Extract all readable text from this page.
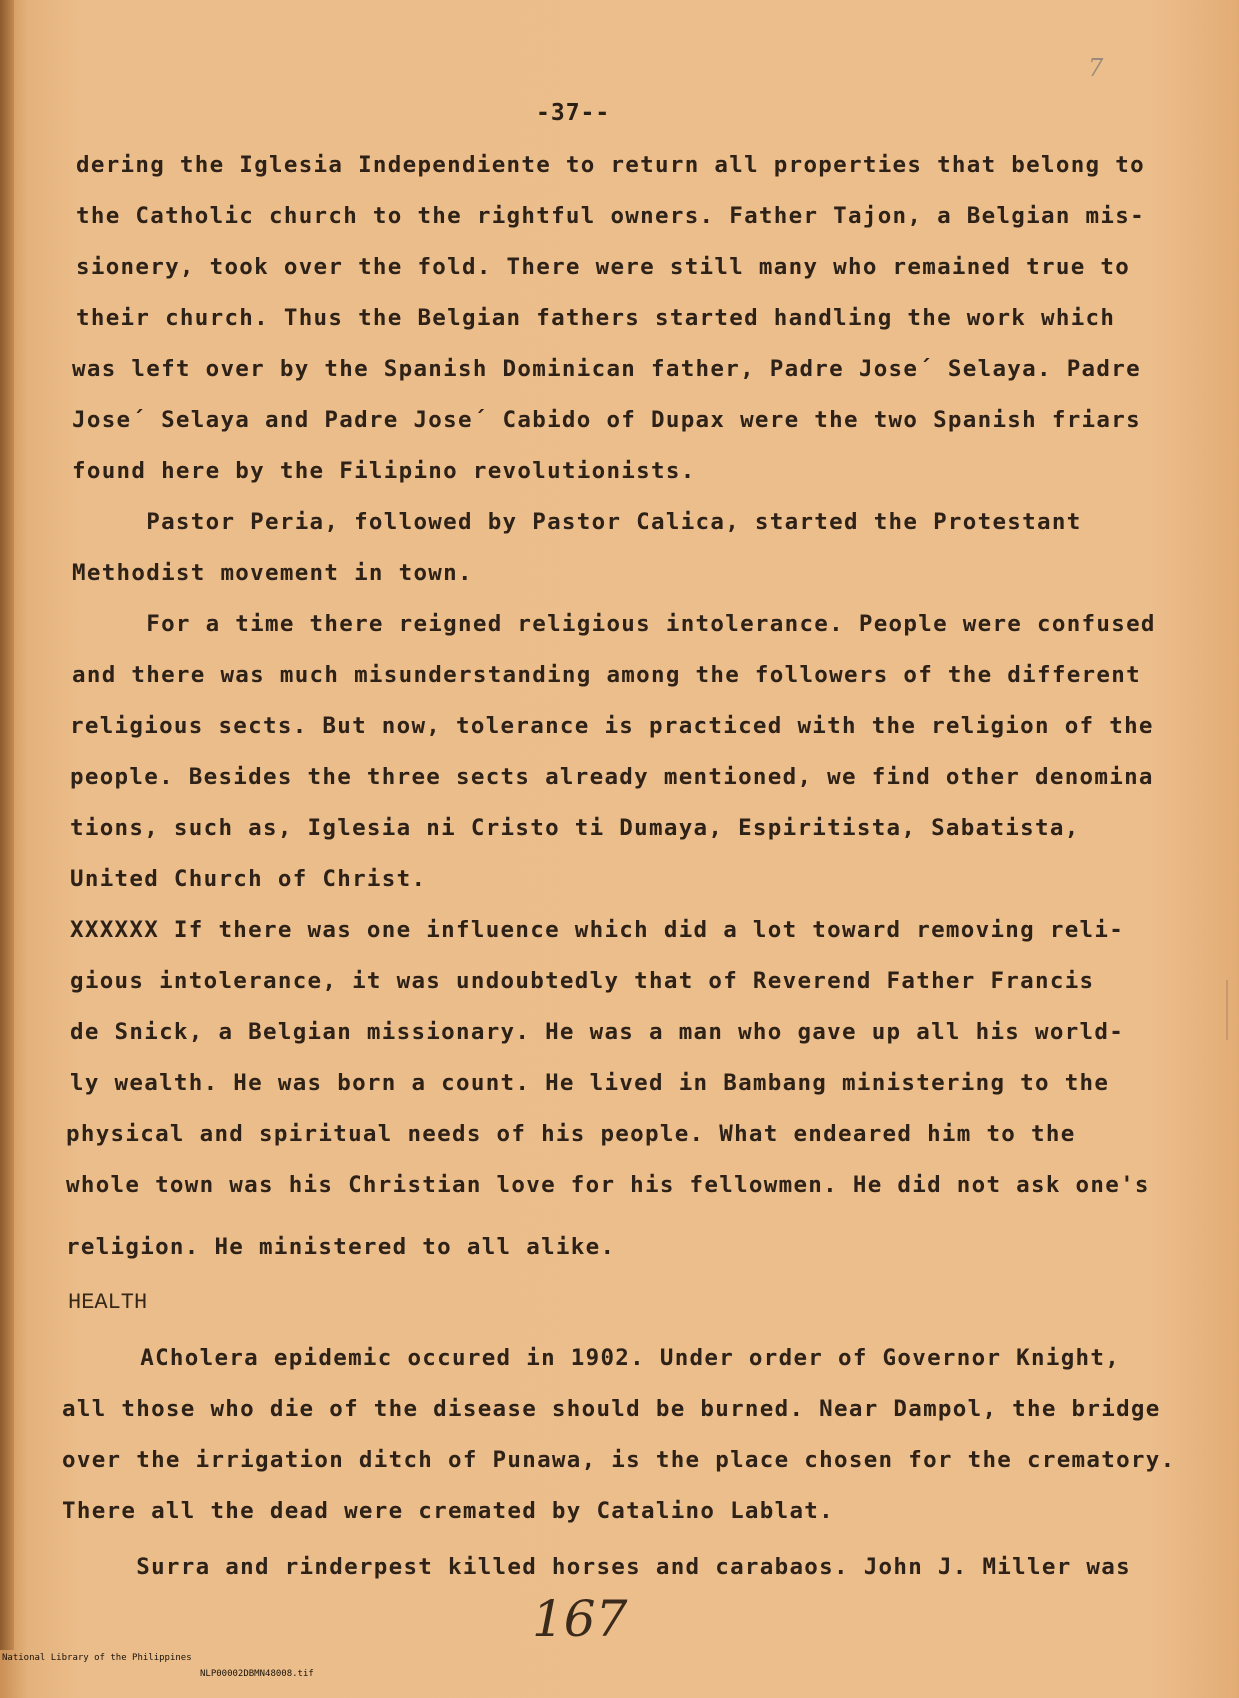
7
-37--
dering the Iglesia Independiente to return all properties that belong to
the Catholic church to the rightful owners. Father Tajon, a Belgian mis-
sionery, took over the fold. There were still many who remained true to
their church. Thus the Belgian fathers started handling the work which
was left over by the Spanish Dominican father, Padre Jose´ Selaya. Padre
Jose´ Selaya and Padre Jose´ Cabido of Dupax were the two Spanish friars
found here by the Filipino revolutionists.
Pastor Peria, followed by Pastor Calica, started the Protestant
Methodist movement in town.
For a time there reigned religious intolerance. People were confused
and there was much misunderstanding among the followers of the different
religious sects. But now, tolerance is practiced with the religion of the
people. Besides the three sects already mentioned, we find other denomina
tions, such as, Iglesia ni Cristo ti Dumaya, Espiritista, Sabatista,
United Church of Christ.
XXXXXX If there was one influence which did a lot toward removing reli-
gious intolerance, it was undoubtedly that of Reverend Father Francis
de Snick, a Belgian missionary. He was a man who gave up all his world-
ly wealth. He was born a count. He lived in Bambang ministering to the
physical and spiritual needs of his people. What endeared him to the
whole town was his Christian love for his fellowmen. He did not ask one's
religion. He ministered to all alike.
HEALTH
ACholera epidemic occured in 1902. Under order of Governor Knight,
all those who die of the disease should be burned. Near Dampol, the bridge
over the irrigation ditch of Punawa, is the place chosen for the crematory.
There all the dead were cremated by Catalino Lablat.
Surra and rinderpest killed horses and carabaos. John J. Miller was
167

National Library of the Philippines

NLP00002DBMN48008.tif
